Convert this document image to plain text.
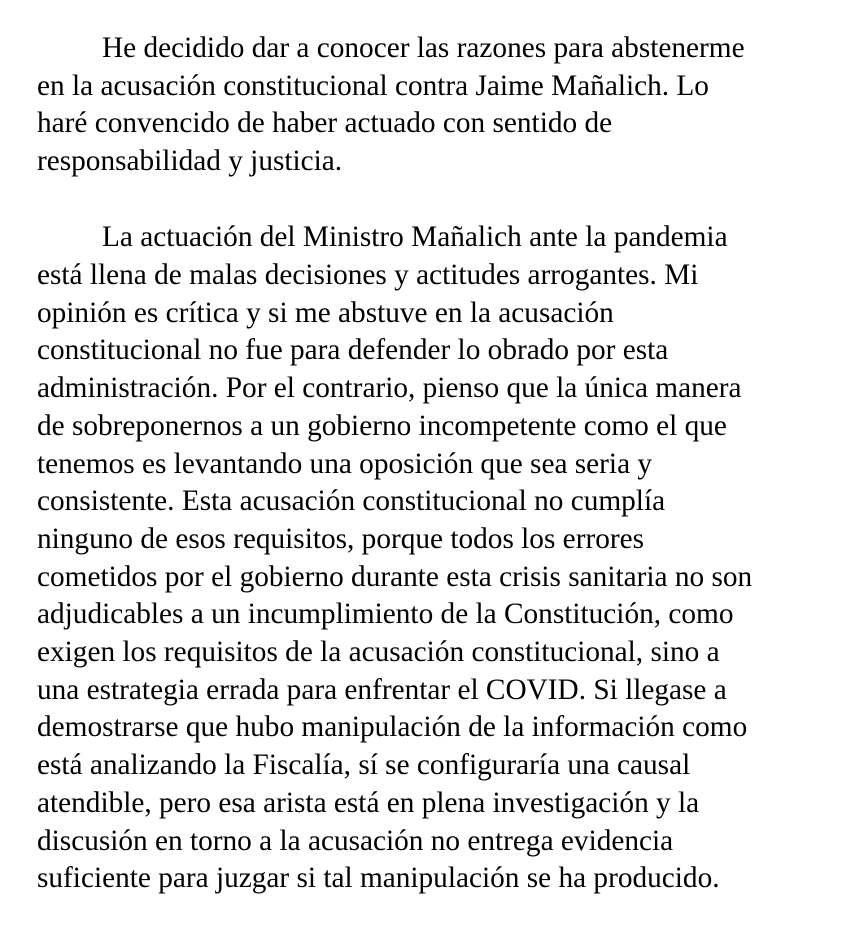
He decidido dar a conocer las razones para abstenerme
en la acusación constitucional contra Jaime Mañalich. Lo
haré convencido de haber actuado con sentido de
responsabilidad y justicia.
La actuación del Ministro Mañalich ante la pandemia
está llena de malas decisiones y actitudes arrogantes. Mi
opinión es crítica y si me abstuve en la acusación
constitucional no fue para defender lo obrado por esta
administración. Por el contrario, pienso que la única manera
de sobreponernos a un gobierno incompetente como el que
tenemos es levantando una oposición que sea seria y
consistente. Esta acusación constitucional no cumplía
ninguno de esos requisitos, porque todos los errores
cometidos por el gobierno durante esta crisis sanitaria no son
adjudicables a un incumplimiento de la Constitución, como
exigen los requisitos de la acusación constitucional, sino a
una estrategia errada para enfrentar el COVID. Si llegase a
demostrarse que hubo manipulación de la información como
está analizando la Fiscalía, sí se configuraría una causal
atendible, pero esa arista está en plena investigación y la
discusión en torno a la acusación no entrega evidencia
suficiente para juzgar si tal manipulación se ha producido.
